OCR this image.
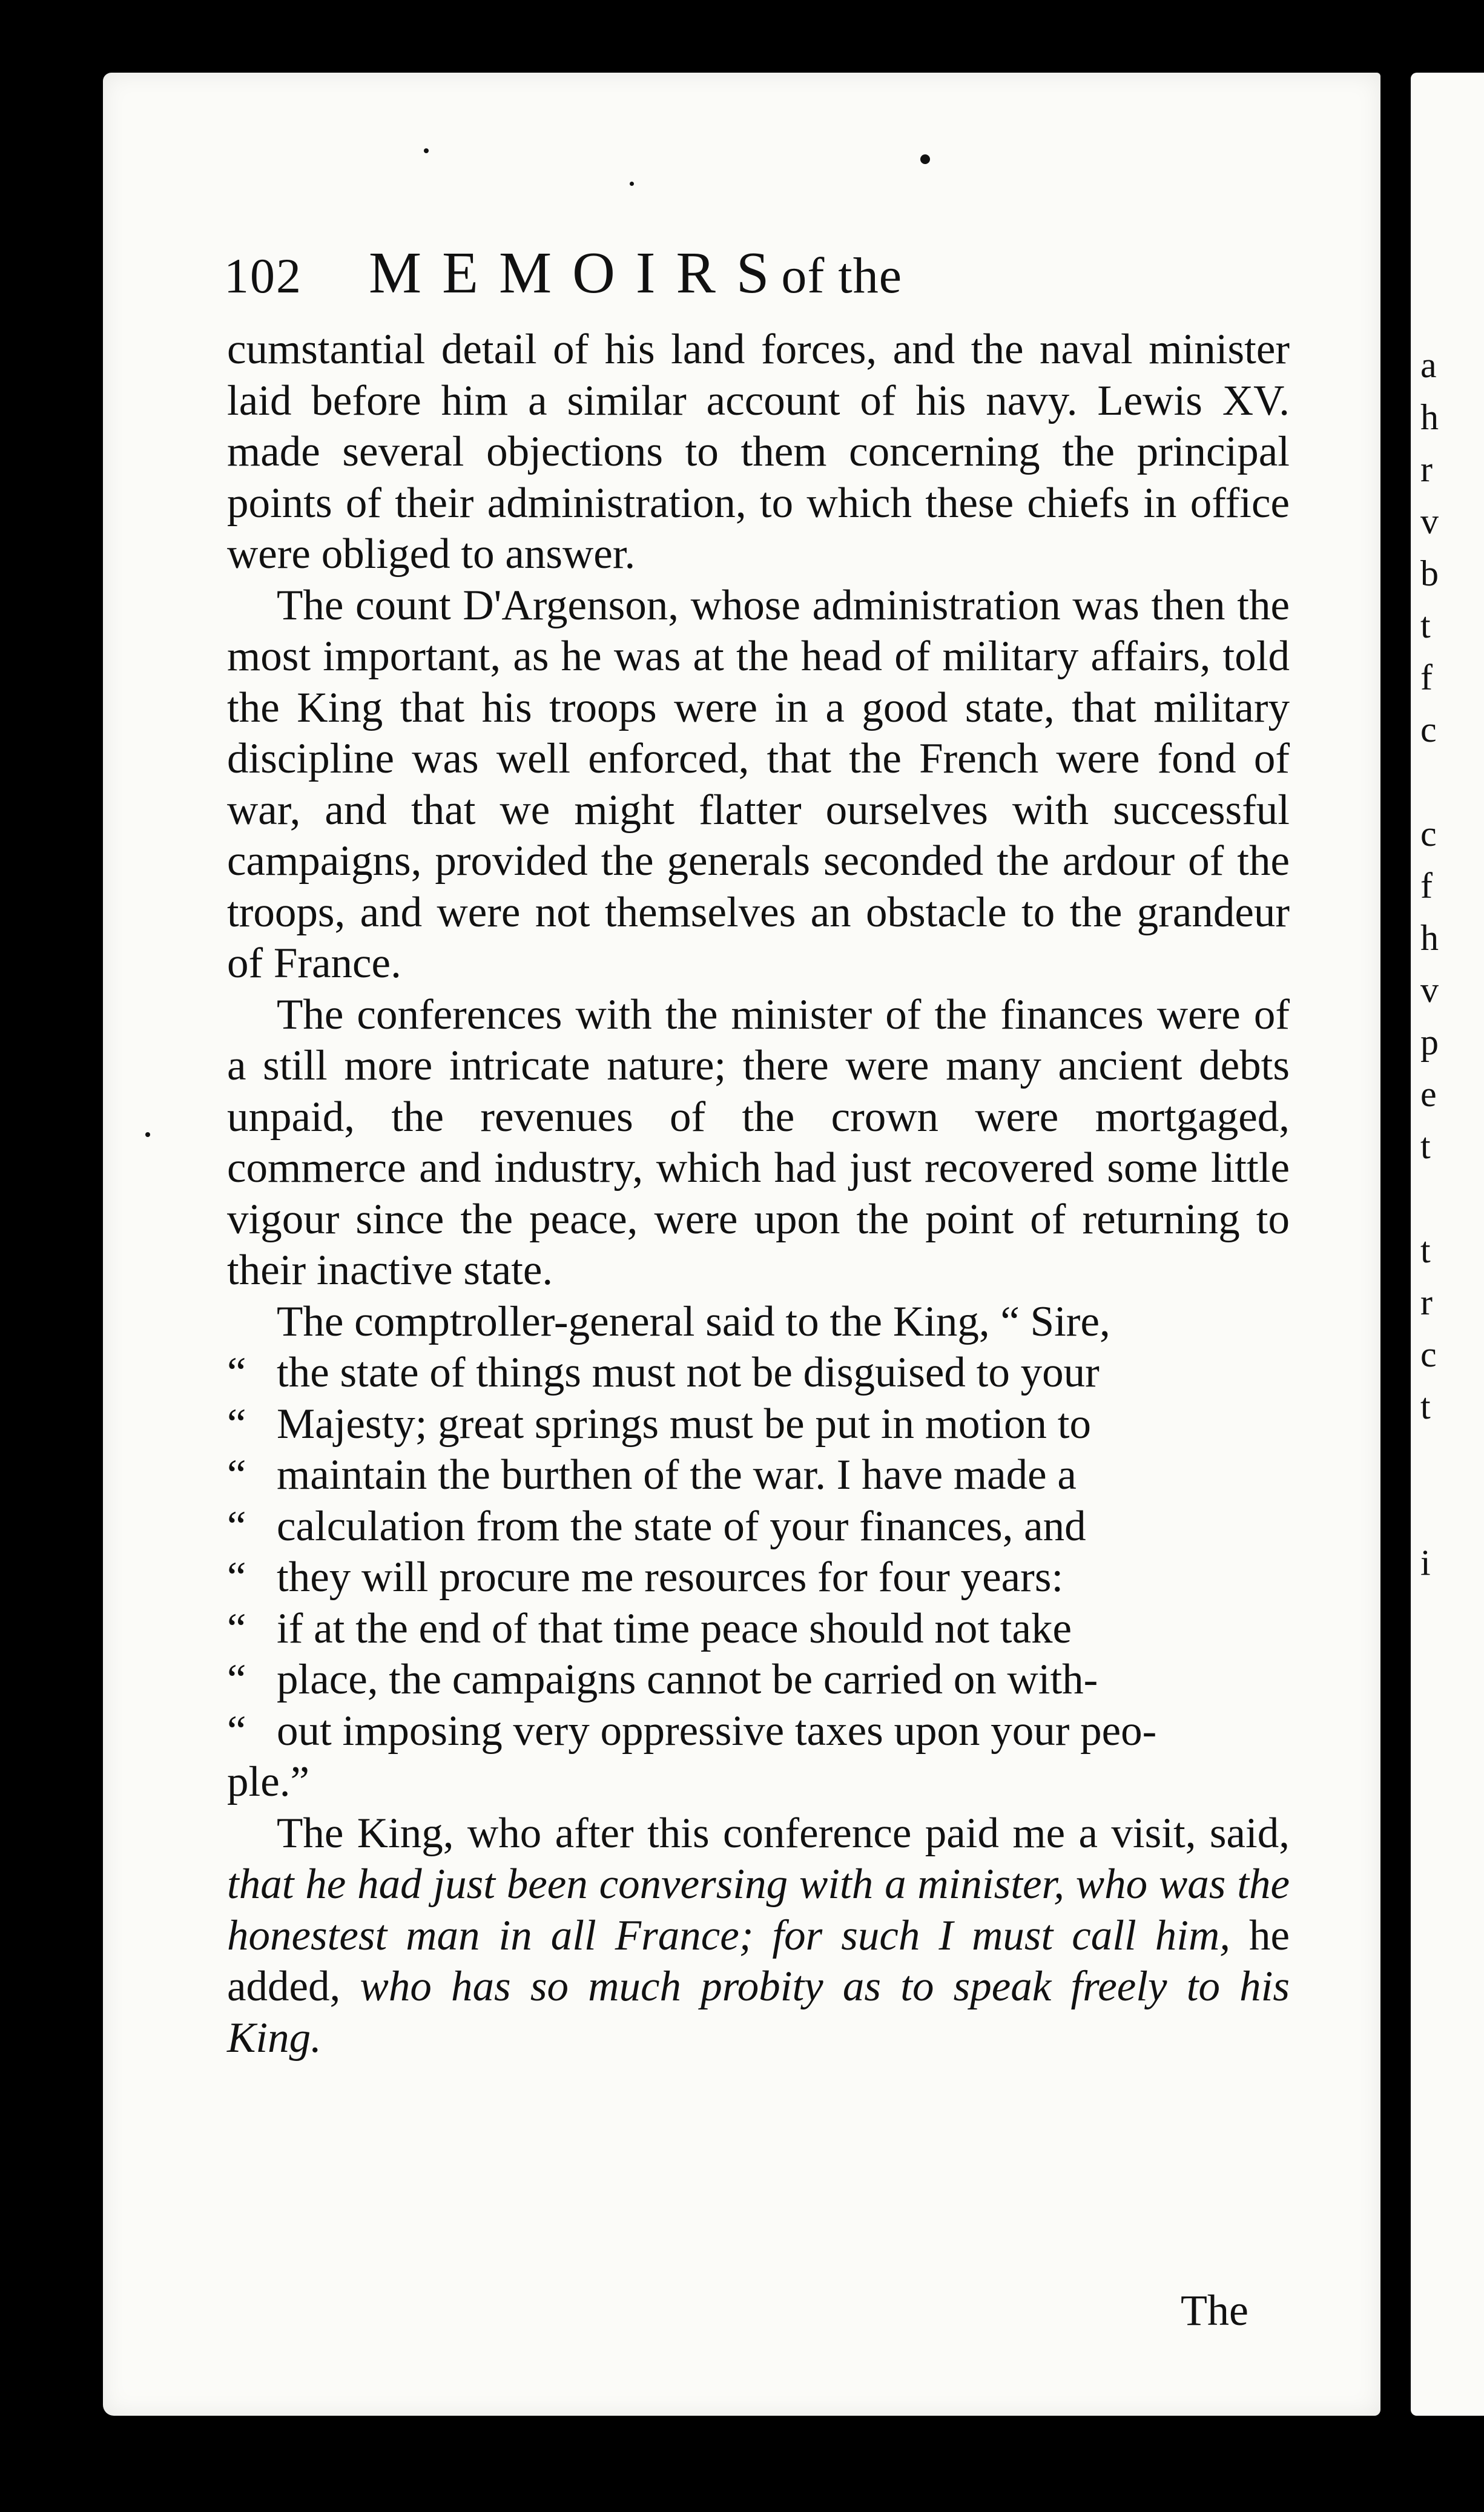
a
h
r
v
b
t
f
c
c
f
h
v
p
e
t
t
r
c
t
i
102 MEMOIRS
of the

cumstantial detail of his land forces, and the naval minister laid before him a similar account of his navy. Lewis XV. made several objections to them concerning the principal points of their administration, to which these chiefs in office were obliged to answer.

The count D'Argenson, whose administration was then the most important, as he was at the head of military affairs, told the King that his troops were in a good state, that military discipline was well enforced, that the French were fond of war, and that we might flatter ourselves with successful campaigns, provided the generals seconded the ardour of the troops, and were not themselves an obstacle to the grandeur of France.

The conferences with the minister of the finances were of a still more intricate nature; there were many ancient debts unpaid, the revenues of the crown were mortgaged, commerce and industry, which had just recovered some little vigour since the peace, were upon the point of returning to their inactive state.

The comptroller-general said to the King, “ Sire,

“ the state of things must not be disguised to your

“ Majesty; great springs must be put in motion to

“ maintain the burthen of the war. I have made a

“ calculation from the state of your finances, and

“ they will procure me resources for four years:

“ if at the end of that time peace should not take

“ place, the campaigns cannot be carried on with-

“ out imposing very oppressive taxes upon your peo-

ple.”

The King, who after this conference paid me a visit, said, that he had just been conversing with a minister, who was the honestest man in all France; for such I must call him, he added, who has so much probity as to speak freely to his King.

The
